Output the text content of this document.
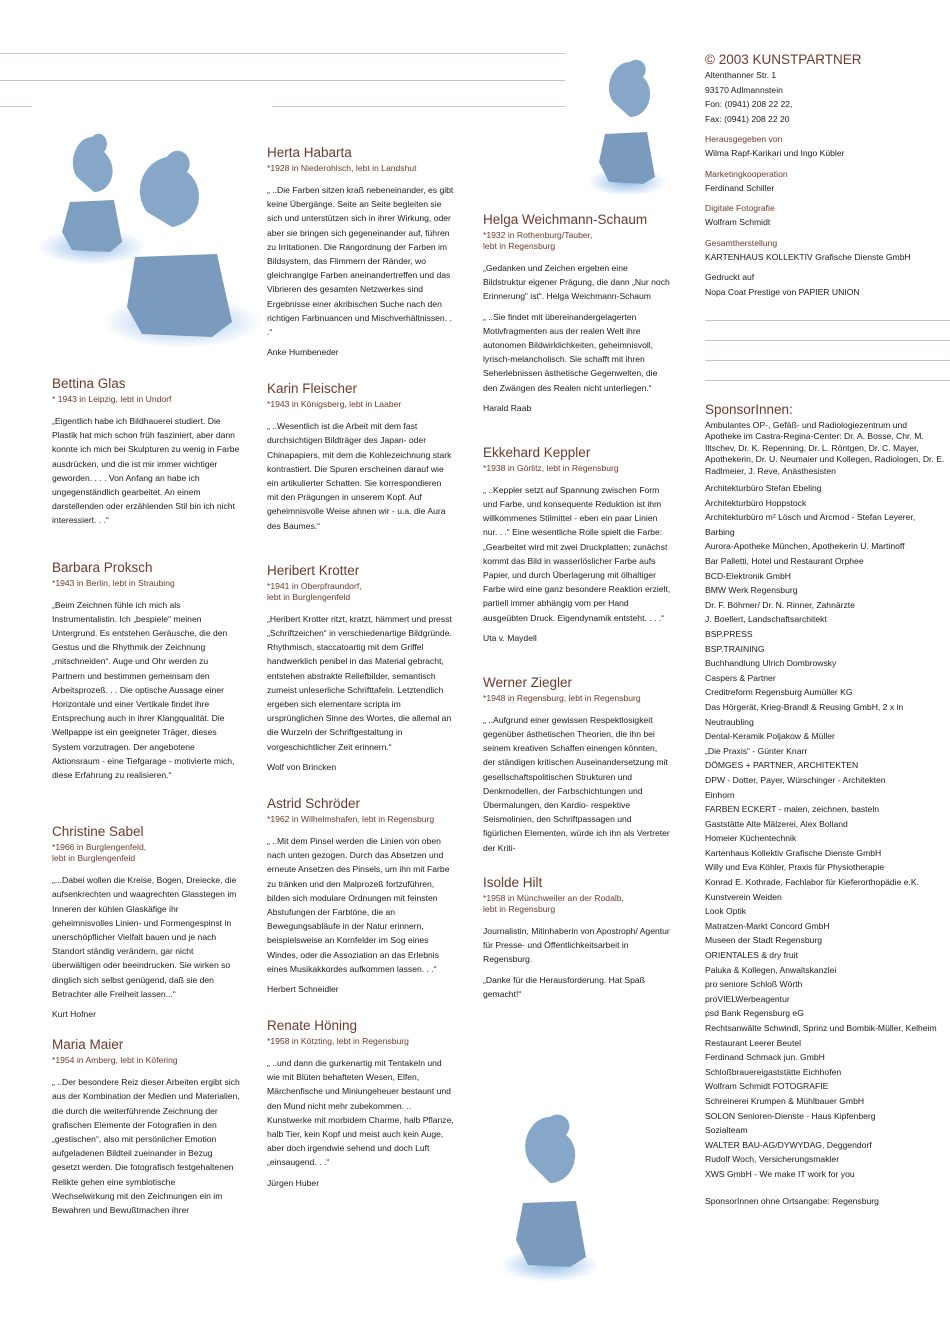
Bettina Glas
* 1943 in Leipzig, lebt in Undorf

„Eigentlich habe ich Bildhauerei studiert. Die Plastik hat mich schon früh fasziniert, aber dann konnte ich mich bei Skulpturen zu wenig in Farbe ausdrücken, und die ist mir immer wichtiger geworden. . . . Von Anfang an habe ich ungegenständlich gearbeitet. An einem darstellenden oder erzählenden Stil bin ich nicht interessiert. . .“

Barbara Proksch
*1943 in Berlin, lebt in Straubing

„Beim Zeichnen fühle ich mich als Instrumentalistin. Ich „bespiele“ meinen Untergrund. Es entstehen Geräusche, die den Gestus und die Rhythmik der Zeichnung „mitschneiden“. Auge und Ohr werden zu Partnern und bestimmen gemeinsam den Arbeitsprozeß. . . Die optische Aussage einer Horizontale und einer Vertikale findet ihre Entsprechung auch in ihrer Klangqualität. Die Wellpappe ist ein geeigneter Träger, dieses System vorzutragen. Der angebotene Aktionsraum - eine Tiefgarage - motivierte mich, diese Erfahrung zu realisieren.“

Christine Sabel
*1966 in Burglengenfeld,
lebt in Burglengenfeld

„...Dabei wollen die Kreise, Bogen, Dreiecke, die aufsenkrechten und waagrechten Glasstegen im Inneren der kühlen Glaskäfige ihr geheimnisvolles Linien- und Formengespinst in unerschöpflicher Vielfalt bauen und je nach Standort ständig verändern, gar nicht überwältigen oder beeindrucken. Sie wirken so dinglich sich selbst genügend, daß sie den Betrachter alle Freiheit lassen...“

Kurt Hofner

Maria Maier
*1954 in Amberg, lebt in Köfering

„ ..Der besondere Reiz dieser Arbeiten ergibt sich aus der Kombination der Medien und Materialien, die durch die weiterführende Zeichnung der grafischen Elemente der Fotografien in den „gestischen“, also mit persönlicher Emotion aufgeladenen Bildteil zueinander in Bezug gesetzt werden. Die fotografisch festgehaltenen Relikte gehen eine symbiotische Wechselwirkung mit den Zeichnungen ein im Bewahren und Bewußtmachen ihrer

Herta Habarta
*1928 in Niederohlsch, lebt in Landshut

„ ..Die Farben sitzen kraß nebeneinander, es gibt keine Übergänge. Seite an Seite begleiten sie sich und unterstützen sich in ihrer Wirkung, oder aber sie bringen sich gegeneinander auf, führen zu Irritationen. Die Rangordnung der Farben im Bildsystem, das Flimmern der Ränder, wo gleichrangige Farben aneinandertreffen und das Vibrieren des gesamten Netzwerkes sind Ergebnisse einer akribischen Suche nach den richtigen Farbnuancen und Mischverhältnissen. . .“

Anke Humbeneder

Karin Fleischer
*1943 in Königsberg, lebt in Laaber

„ ..Wesentlich ist die Arbeit mit dem fast durchsichtigen Bildträger des Japan- oder Chinapapiers, mit dem die Kohlezeichnung stark kontrastiert. Die Spuren erscheinen darauf wie ein artikulierter Schatten. Sie korrespondieren mit den Prägungen in unserem Kopf. Auf geheimnisvolle Weise ahnen wir - u.a. die Aura des Baumes.“

Heribert Krotter
*1941 in Oberpfraundorf,
lebt in Burglengenfeld

„Heribert Krotter ritzt, kratzt, hämmert und presst „Schriftzeichen“ in verschiedenartige Bildgründe. Rhythmisch, staccatoartig mit dem Griffel handwerklich penibel in das Material gebracht, entstehen abstrakte Reliefbilder, semantisch zumeist unleserliche Schrifttafeln. Letztendlich ergeben sich elementare scripta im ursprünglichen Sinne des Wortes, die allemal an die Wurzeln der Schriftgestaltung in vorgeschichtlicher Zeit erinnern.“

Wolf von Brincken

Astrid Schröder
*1962 in Wilhelmshafen, lebt in Regensburg

„ ..Mit dem Pinsel werden die Linien von oben nach unten gezogen. Durch das Absetzen und erneute Ansetzen des Pinsels, um ihn mit Farbe zu tränken und den Malprozeß fortzuführen, bilden sich modulare Ordnungen mit feinsten Abstufungen der Farbtöne, die an Bewegungsabläufe in der Natur erinnern, beispielsweise an Kornfelder im Sog eines Windes, oder die Assoziation an das Erlebnis eines Musikakkordes aufkommen lassen. . .“

Herbert Schneidler

Renate Höning
*1958 in Kötzting, lebt in Regensburg

„ ..und dann die gurkenartig mit Tentakeln und wie mit Blüten behafteten Wesen, Elfen, Märchenfische und Miniungeheuer bestaunt und den Mund nicht mehr zubekommen. .. Kunstwerke mit morbidem Charme, halb Pflanze, halb Tier, kein Kopf und meist auch kein Auge, aber doch irgendwie sehend und doch Luft „einsaugend. . .“

Jürgen Huber

Helga Weichmann-Schaum
*1932 in Rothenburg/Tauber,
lebt in Regensburg

„Gedanken und Zeichen ergeben eine Bildstruktur eigener Prägung, die dann „Nur noch Erinnerung“ ist“. Helga Weichmann-Schaum

„ ..Sie findet mit übereinandergelagerten Motivfragmenten aus der realen Welt ihre autonomen Bildwirklichkeiten, geheimnisvoll, lyrisch-melancholisch. Sie schafft mit ihren Seherlebnissen ästhetische Gegenwelten, die den Zwängen des Realen nicht unterliegen.“

Harald Raab

Ekkehard Keppler
*1938 in Görlitz, lebt in Regensburg

„ ..Keppler setzt auf Spannung zwischen Form und Farbe, und konsequente Reduktion ist ihm willkommenes Stilmittel - eben ein paar Linien nur. . .“ Eine wesentliche Rolle spielt die Farbe: „Gearbeitet wird mit zwei Druckplatten; zunächst kommt das Bild in wasserlöslicher Farbe aufs Papier, und durch Überlagerung mit ölhaltiger Farbe wird eine ganz besondere Reaktion erzielt, partiell immer abhängig vom per Hand ausgeübten Druck. Eigendynamik entsteht. . . .“

Uta v. Maydell

Werner Ziegler
*1948 in Regensburg, lebt in Regensburg

„ ..Aufgrund einer gewissen Respektlosigkeit gegenüber ästhetischen Theorien, die ihn bei seinem kreativen Schaffen einengen könnten, der ständigen kritischen Auseinandersetzung mit gesellschaftspolitischen Strukturen und Denkmodellen, der Farbschichtungen und Übermalungen, den Kardio- respektive Seismolinien, den Schriftpassagen und figürlichen Elementen, würde ich ihn als Vertreter der Kriti-

Isolde Hilt
*1958 in Münchweiler an der Rodalb,
lebt in Regensburg

Journalistin, Mitinhaberin von Apostroph/ Agentur für Presse- und Öffentlichkeitsarbeit in Regensburg.

„Danke für die Herausforderung. Hat Spaß gemacht!“

© 2003 KUNSTPARTNER
Altenthanner Str. 1
93170 Adlmannstein
Fon: (0941) 208 22 22,
Fax: (0941) 208 22 20
Herausgegeben von
Wilma Rapf-Karikari und Ingo Kübler
Marketingkooperation
Ferdinand Schiller
Digitale Fotografie
Wolfram Schmidt
Gesamtherstellung
KARTENHAUS KOLLEKTIV Grafische Dienste GmbH
Gedruckt auf
Nopa Coat Prestige von PAPIER UNION
SponsorInnen:
Ambulantes OP-, Gefäß- und Radiologiezentrum und Apotheke im Castra-Regina-Center: Dr. A. Bosse, Chr. M. Iltschev, Dr. K. Repenning, Dr. L. Röntgen, Dr. C. Mayer, Apothekerin, Dr. U. Neumaier und Kollegen, Radiologen, Dr. E. Radlmeier, J. Reve, Anästhesisten
Architekturbüro Stefan Ebeling
Architekturbüro Hoppstock
Architekturbüro m² Lösch und Arcmod - Stefan Leyerer, Barbing
Aurora-Apotheke München, Apothekerin U. Martinoff
Bar Palletti, Hotel und Restaurant Orphee
BCD-Elektronik GmbH
BMW Werk Regensburg
Dr. F. Böhmer/ Dr. N. Rinner, Zahnärzte
J. Boellert, Landschaftsarchitekt
BSP.PRESS
BSP.TRAINING
Buchhandlung Ulrich Dombrowsky
Caspers & Partner
Creditreform Regensburg Aumüller KG
Das Hörgerät, Krieg-Brandl & Reusing GmbH, 2 x in Neutraubling
Dental-Keramik Poljakow & Müller
„Die Praxis“ - Günter Knarr
DÖMGES + PARTNER, ARCHITEKTEN
DPW - Dotter, Payer, Würschinger - Architekten
Einhorn
FARBEN ECKERT - malen, zeichnen, basteln
Gaststätte Alte Mälzerei, Alex Bolland
Homeier Küchentechnik
Kartenhaus Kollektiv Grafische Dienste GmbH
Willy und Eva Köhler, Praxis für Physiotherapie
Konrad E. Kothrade, Fachlabor für Kieferorthopädie e.K.
Kunstverein Weiden
Look Optik
Matratzen-Markt Concord GmbH
Museen der Stadt Regensburg
ORIENTALES & dry fruit
Paluka & Kollegen, Anwaltskanzlei
pro seniore Schloß Wörth
proVIELWerbeagentur
psd Bank Regensburg eG
Rechtsanwälte Schwindl, Sprinz und Bombik-Müller, Kelheim
Restaurant Leerer Beutel
Ferdinand Schmack jun. GmbH
Schloßbrauereigaststätte Eichhofen
Wolfram Schmidt FOTOGRAFIE
Schreinerei Krumpen & Mühlbauer GmbH
SOLON Senioren-Dienste - Haus Kipfenberg
Sozialteam
WALTER BAU-AG/DYWYDAG, Deggendorf
Rudolf Woch, Versicherungsmakler
XWS GmbH - We make IT work for you
SponsorInnen ohne Ortsangabe: Regensburg
